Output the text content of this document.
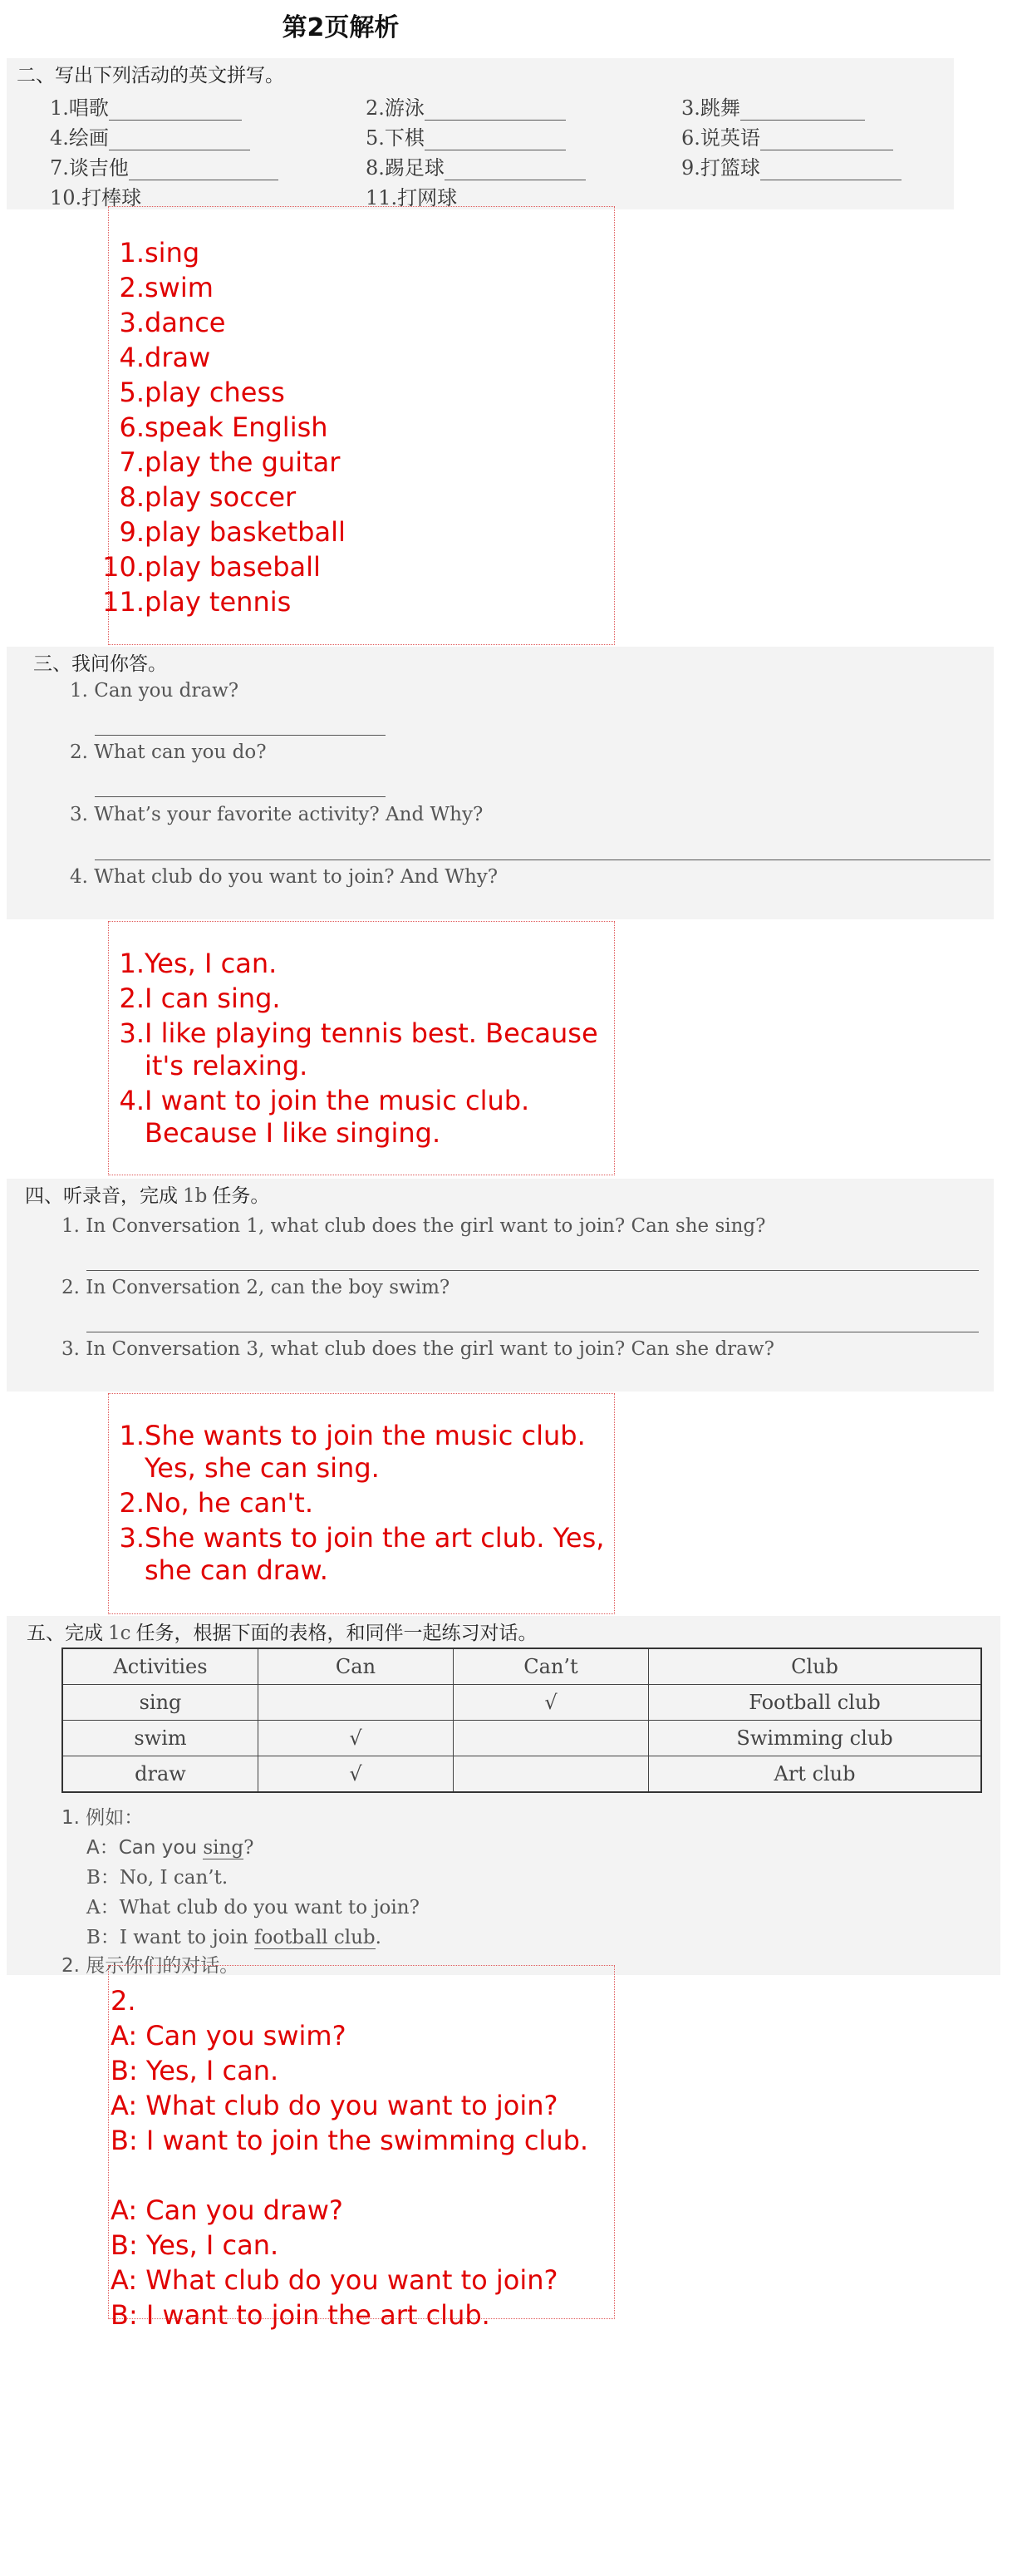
第2页解析
二、写出下列活动的英文拼写。
1.唱歌	2.游泳	3.跳舞
4.绘画	5.下棋	6.说英语
7.谈吉他	8.踢足球	9.打篮球
10.打棒球	11.打网球
1. sing
2. swim
3. dance
4. draw
5. play chess
6. speak English
7. play the guitar
8. play soccer
9. play basketball
10. play baseball
11. play tennis
三、我问你答。
1. Can you draw?
2. What can you do?
3. What’s your favorite activity? And Why?
4. What club do you want to join? And Why?
1. Yes, I can.
2. I can sing.
3. I like playing tennis best. Because it's relaxing.
4. I want to join the music club. Because I like singing.
四、听录音，完成 1b 任务。
1. In Conversation 1, what club does the girl want to join? Can she sing?
2. In Conversation 2, can the boy swim?
3. In Conversation 3, what club does the girl want to join? Can she draw?
1. She wants to join the music club. Yes, she can sing.
2. No, he can't.
3. She wants to join the art club. Yes, she can draw.
五、完成 1c 任务，根据下面的表格，和同伴一起练习对话。
Activities	Can	Can’t	Club
sing		√	Football club
swim	√		Swimming club
draw	√		Art club
1. 例如：
A：Can you sing?
B：No, I can’t.
A：What club do you want to join?
B：I want to join football club.
2. 展示你们的对话。
2.
A: Can you swim?
B: Yes, I can.
A: What club do you want to join?
B: I want to join the swimming club.
A: Can you draw?
B: Yes, I can.
A: What club do you want to join?
B: I want to join the art club.
